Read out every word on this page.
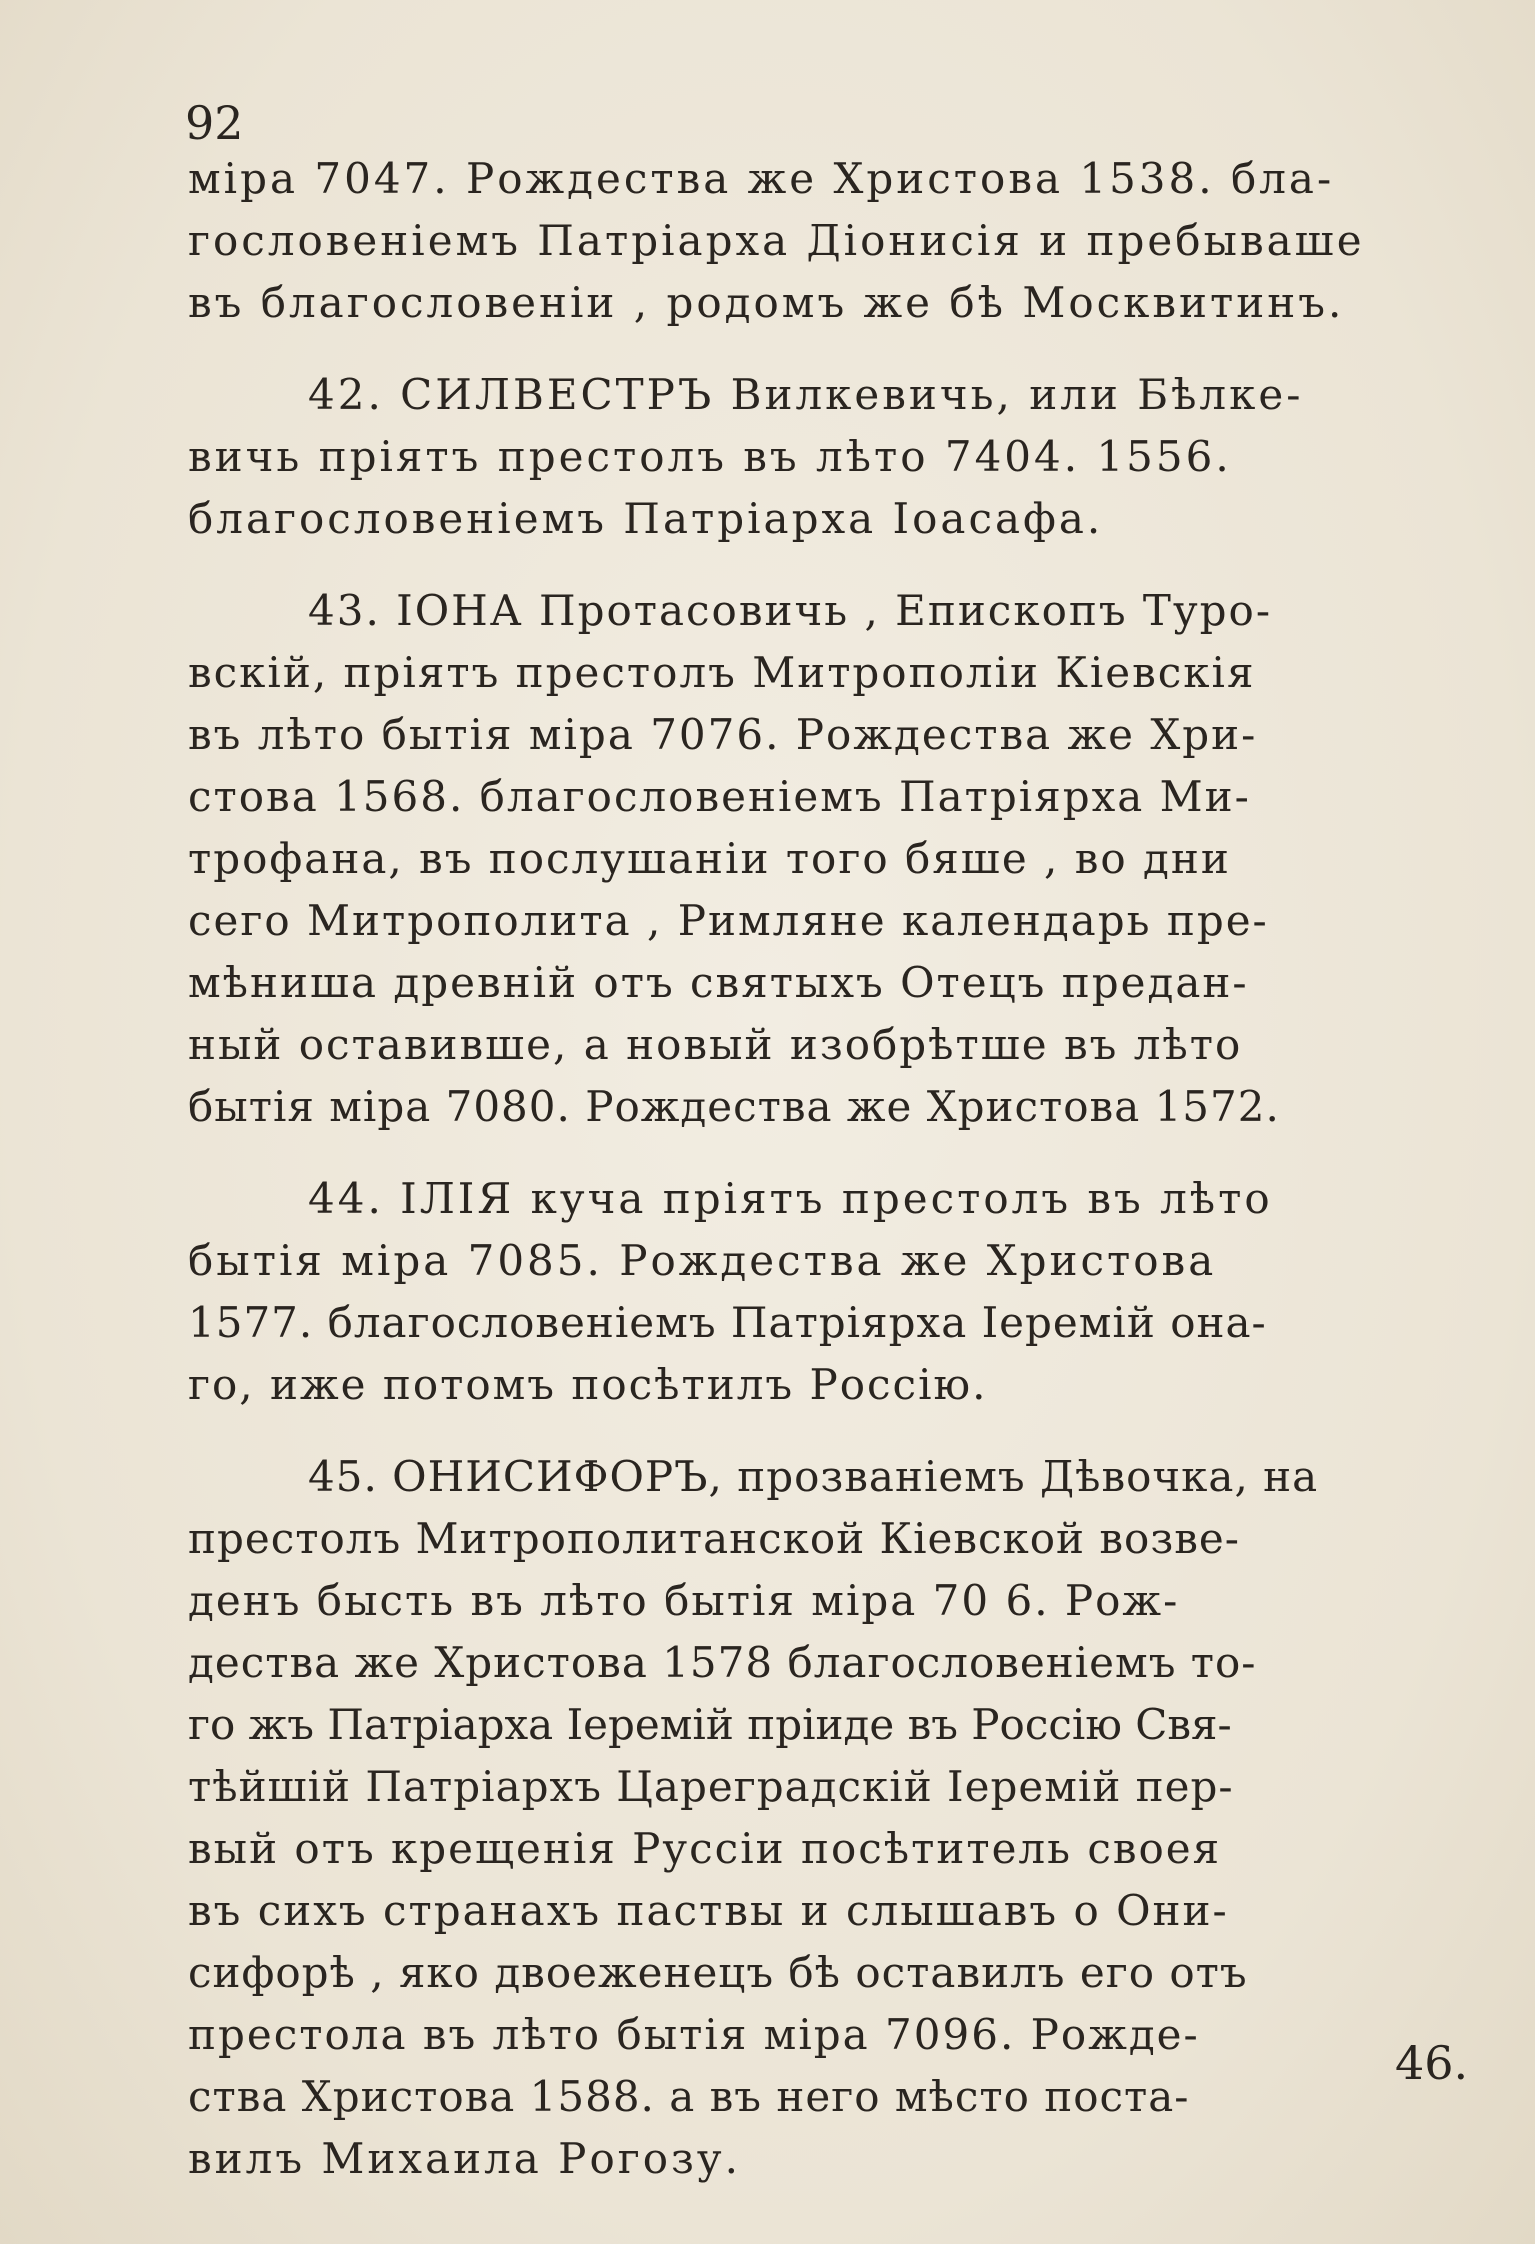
92
міра 7047. Рождества же Христова 1538. бла-
гословеніемъ Патріарха Діонисія и пребываше
въ благословеніи , родомъ же бѣ Москвитинъ.
42. СИЛВЕСТРЪ Вилкевичь, или Бѣлке-
вичь пріятъ престолъ въ лѣто 7404. 1556.
благословеніемъ Патріарха Іоасафа.
43. ІОНА Протасовичь , Епископъ Туро-
вскій, пріятъ престолъ Митрополіи Кіевскія
въ лѣто бытія міра 7076. Рождества же Хри-
стова 1568. благословеніемъ Патріярха Ми-
трофана, въ послушаніи того бяше , во дни
сего Митрополита , Римляне календарь пре-
мѣниша древній отъ святыхъ Отецъ предан-
ный оставивше, а новый изобрѣтше въ лѣто
бытія міра 7080. Рождества же Христова 1572.
44. ІЛІЯ куча пріятъ престолъ въ лѣто
бытія міра 7085. Рождества же Христова
1577. благословеніемъ Патріярха Іеремій она-
го, иже потомъ посѣтилъ Россію.
45. ОНИСИФОРЪ, прозваніемъ Дѣвочка, на
престолъ Митрополитанской Кіевской возве-
денъ бысть въ лѣто бытія міра 70 6. Рож-
дества же Христова 1578 благословеніемъ то-
го жъ Патріарха Іеремій пріиде въ Россію Свя-
тѣйшій Патріархъ Цареградскій Іеремій пер-
вый отъ крещенія Руссіи посѣтитель своея
въ сихъ странахъ паствы и слышавъ о Они-
сифорѣ , яко двоеженецъ бѣ оставилъ его отъ
престола въ лѣто бытія міра 7096. Рожде-
ства Христова 1588. а въ него мѣсто поста-
вилъ Михаила Рогозу.
46.
